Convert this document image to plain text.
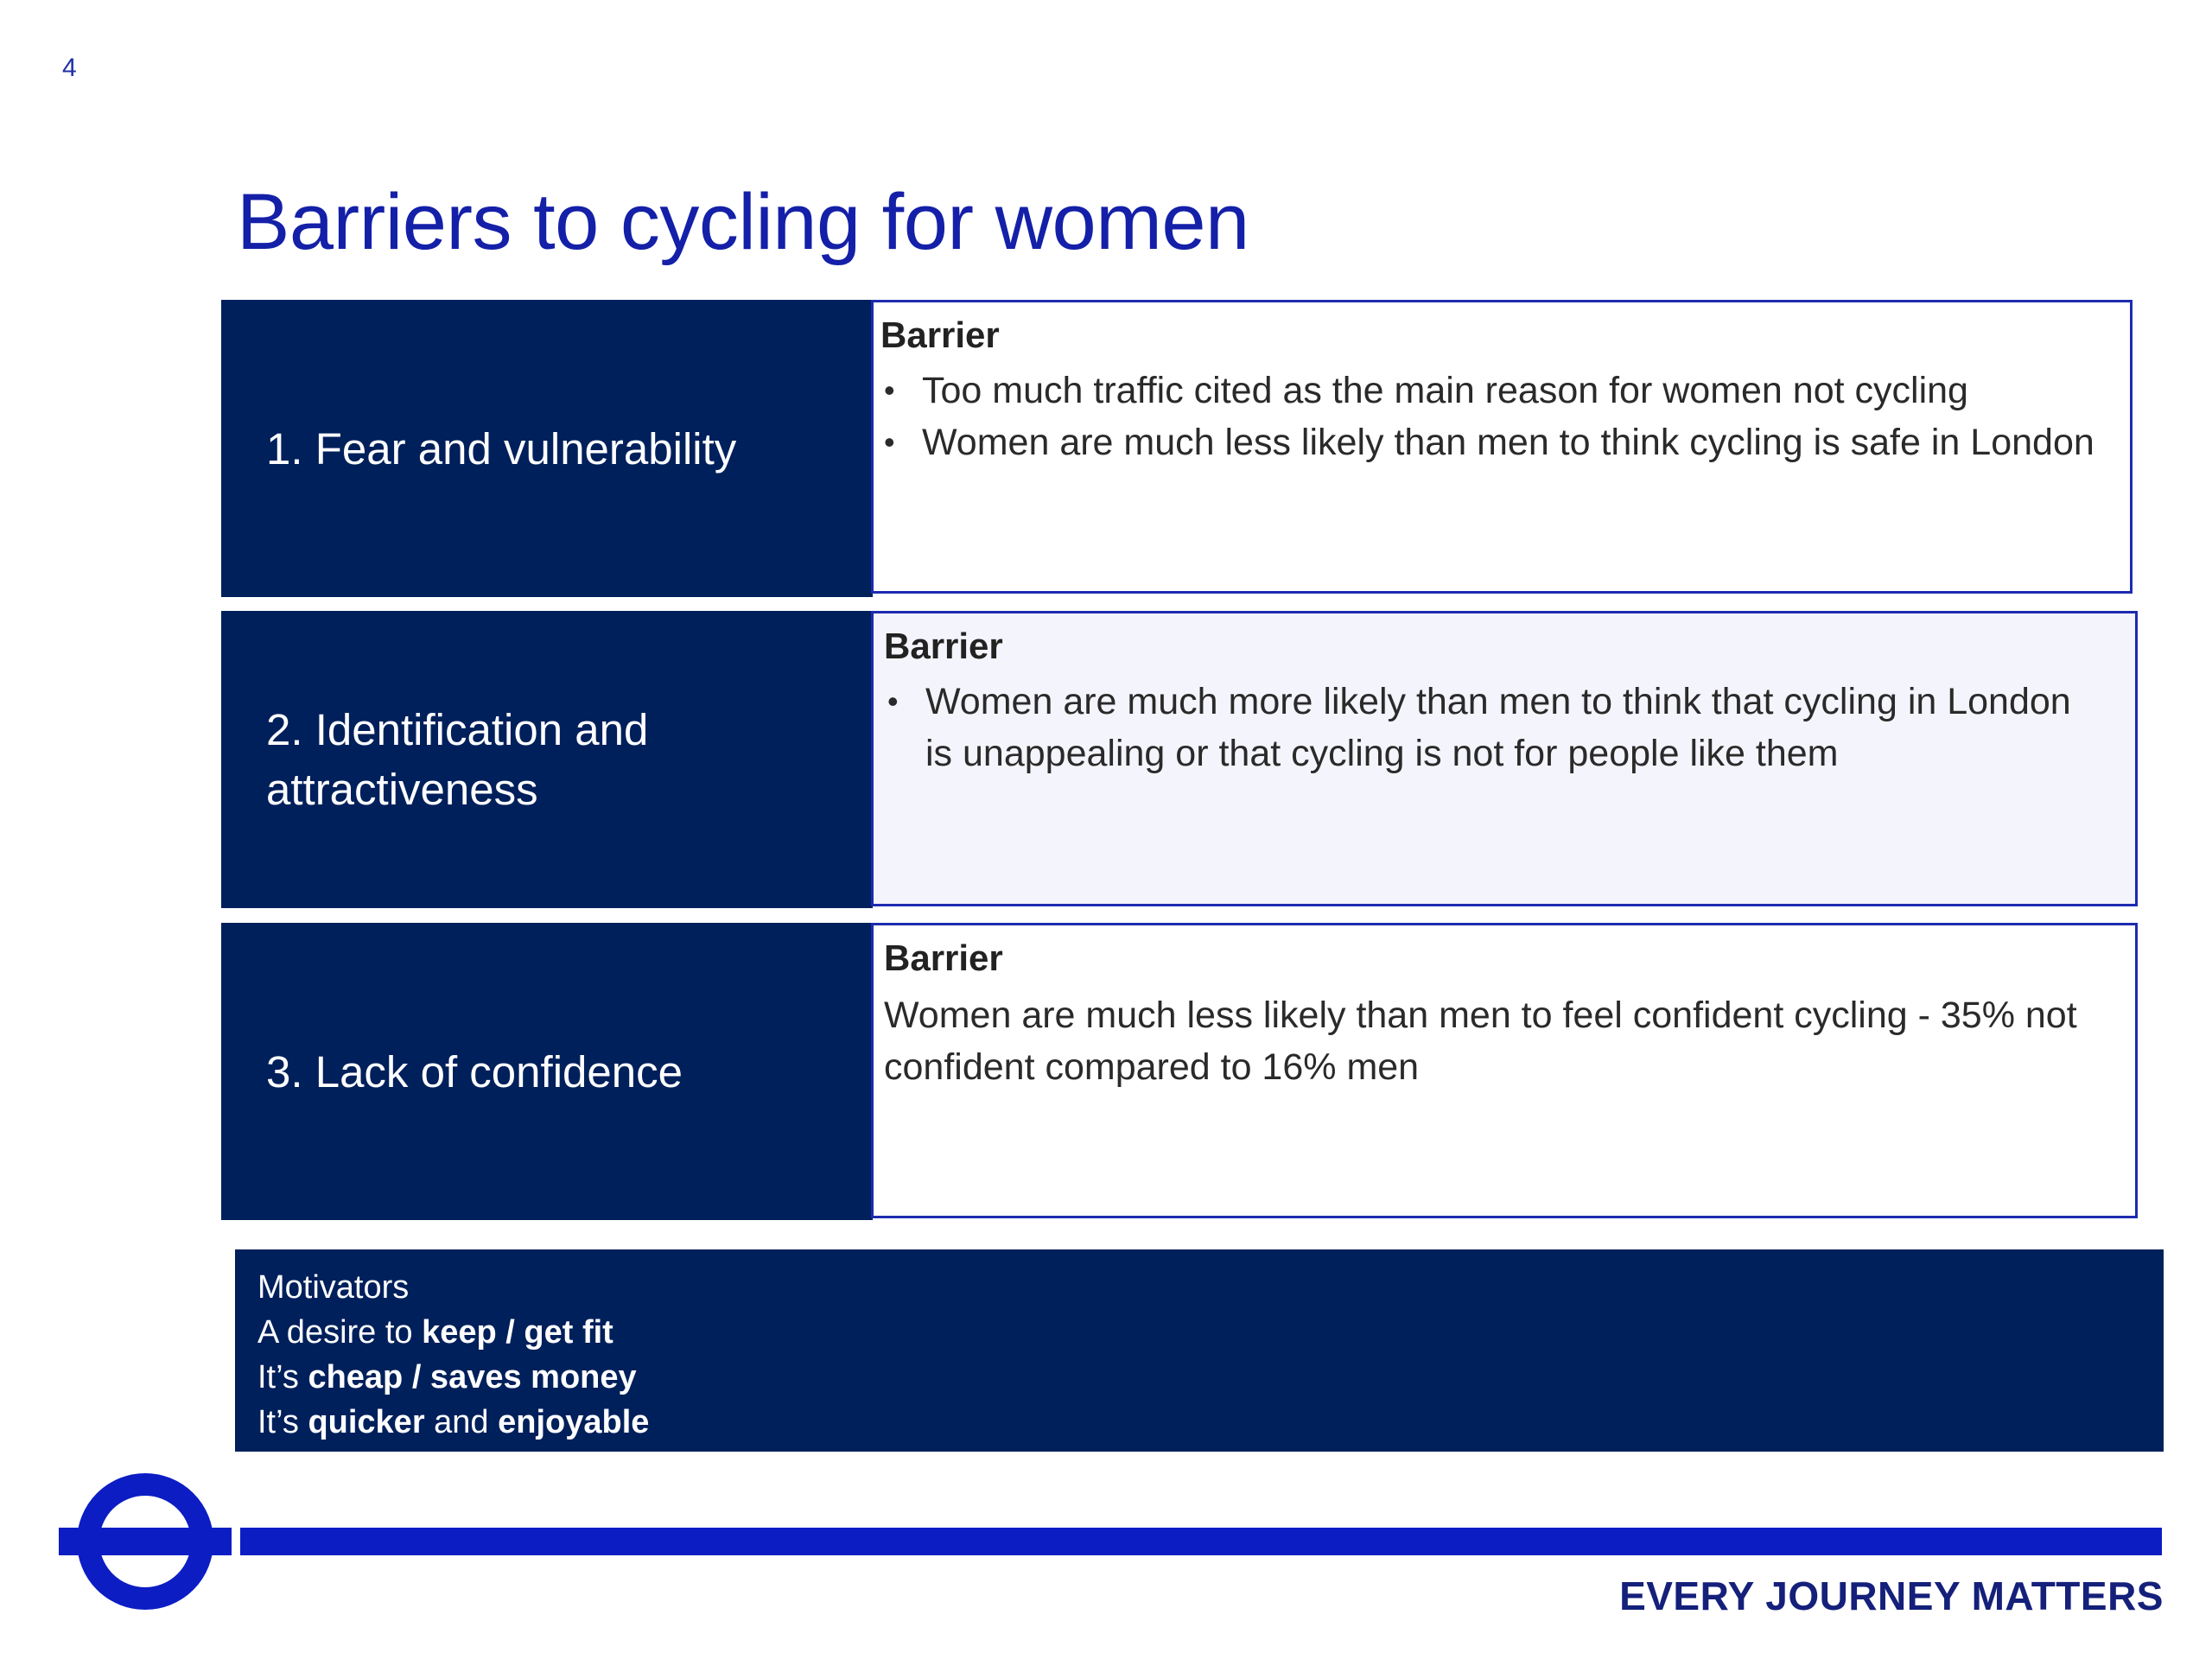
4
Barriers to cycling for women
1. Fear and vulnerability
Barrier
• Too much traffic cited as the main reason for women not cycling
• Women are much less likely than men to think cycling is safe in London
2. Identification and
attractiveness
Barrier
• Women are much more likely than men to think that cycling in London is unappealing or that cycling is not for people like them
3. Lack of confidence
Barrier
Women are much less likely than men to feel confident cycling - 35% not confident compared to 16% men
Motivators
A desire to keep / get fit
It’s cheap / saves money
It’s quicker and enjoyable
EVERY JOURNEY MATTERS
